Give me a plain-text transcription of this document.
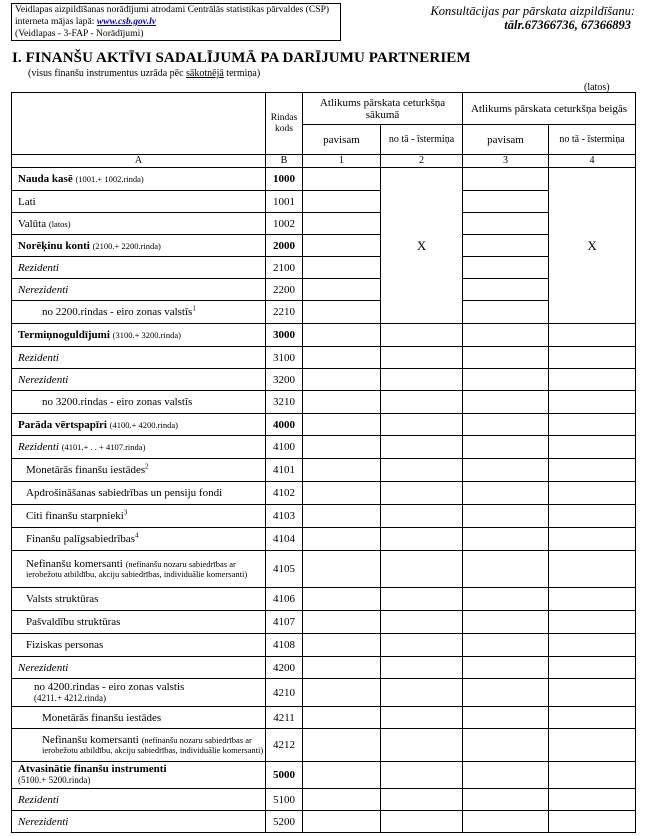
Veidlapas aizpildīšanas norādījumi atrodami Centrālās statistikas pārvaldes (CSP)
interneta mājas lapā: www.csb.gov.lv
(Veidlapas - 3-FAP - Norādījumi)
Konsultācijas par pārskata aizpildīšanu:
tālr.67366736, 67366893
I. FINANŠU AKTĪVI SADALĪJUMĀ PA DARĪJUMU PARTNERIEM
(visus finanšu instrumentus uzrāda pēc sākotnējā termiņa)
(latos)
	Rindas kods	Atlikums pārskata ceturkšņa sākumā		Atlikums pārskata ceturkšņa beigās	
		pavisam	no tā - īstermiņa	pavisam	no tā - īstermiņa
A	B	1	2	3	4
Nauda kasē (1001.+ 1002.rinda)	1000		X		X
Lati	1001				
Valūta (latos)	1002				
Norēķinu konti (2100.+ 2200.rinda)	2000				
Rezidenti	2100				
Nerezidenti	2200				
no 2200.rindas - eiro zonas valstīs$^1$	2210				
Termiņnoguldījumi (3100.+ 3200.rinda)	3000				
Rezidenti	3100				
Nerezidenti	3200				
no 3200.rindas - eiro zonas valstīs	3210				
Parāda vērtspapīri (4100.+ 4200.rinda)	4000				
Rezidenti (4101.+ . . + 4107.rinda)	4100				
Monetārās finanšu iestādes$^2$	4101				
Apdrošināšanas sabiedrības un pensiju fondi	4102				
Citi finanšu starpnieki$^3$	4103				
Finanšu palīgsabiedrības$^4$	4104				
Nefinanšu komersanti (nefinanšu nozaru sabiedrības ar ierobežotu atbildību, akciju sabiedrības, individuālie komersanti)	4105				
Valsts struktūras	4106				
Pašvaldību struktūras	4107				
Fiziskas personas	4108				
Nerezidenti	4200				
no 4200.rindas - eiro zonas valstis
(4211.+ 4212.rinda)	4210				
Monetārās finanšu iestādes	4211				
Nefinanšu komersanti (nefinanšu nozaru sabiedrības ar ierobežotu atbildību, akciju sabiedrības, individuālie komersanti)	4212				
Atvasinātie finanšu instrumenti
(5100.+ 5200.rinda)	5000				
Rezidenti	5100				
Nerezidenti	5200				
